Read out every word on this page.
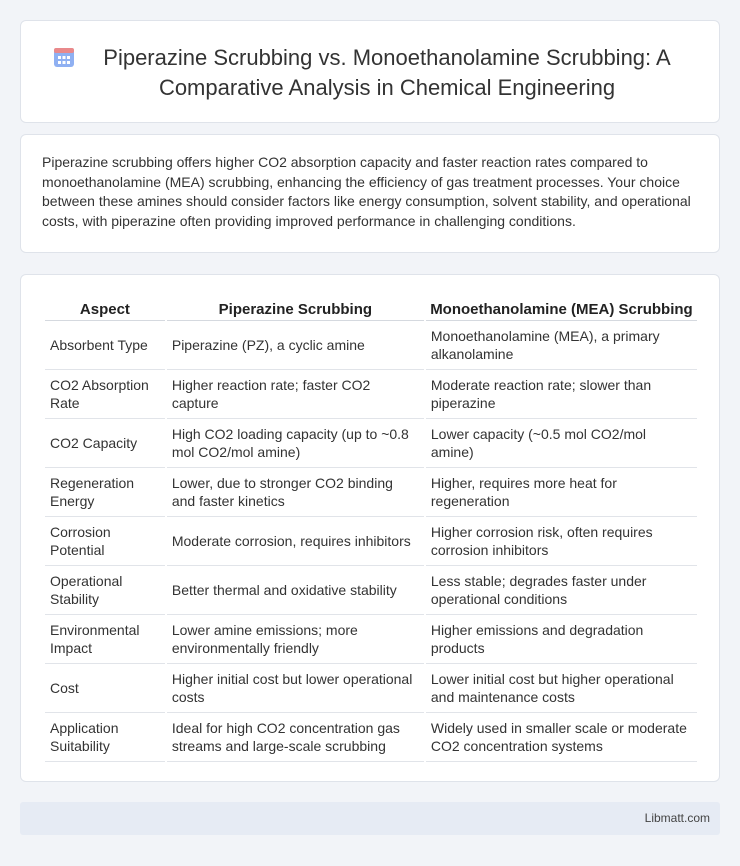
Piperazine Scrubbing vs. Monoethanolamine Scrubbing: A Comparative Analysis in Chemical Engineering

Piperazine scrubbing offers higher CO2 absorption capacity and faster reaction rates compared to monoethanolamine (MEA) scrubbing, enhancing the efficiency of gas treatment processes. Your choice between these amines should consider factors like energy consumption, solvent stability, and operational costs, with piperazine often providing improved performance in challenging conditions.

Aspect	Piperazine Scrubbing	Monoethanolamine (MEA) Scrubbing
Absorbent Type	Piperazine (PZ), a cyclic amine	Monoethanolamine (MEA), a primary alkanolamine
CO2 Absorption Rate	Higher reaction rate; faster CO2 capture	Moderate reaction rate; slower than piperazine
CO2 Capacity	High CO2 loading capacity (up to ~0.8 mol CO2/mol amine)	Lower capacity (~0.5 mol CO2/mol amine)
Regeneration Energy	Lower, due to stronger CO2 binding and faster kinetics	Higher, requires more heat for regeneration
Corrosion Potential	Moderate corrosion, requires inhibitors	Higher corrosion risk, often requires corrosion inhibitors
Operational Stability	Better thermal and oxidative stability	Less stable; degrades faster under operational conditions
Environmental Impact	Lower amine emissions; more environmentally friendly	Higher emissions and degradation products
Cost	Higher initial cost but lower operational costs	Lower initial cost but higher operational and maintenance costs
Application Suitability	Ideal for high CO2 concentration gas streams and large-scale scrubbing	Widely used in smaller scale or moderate CO2 concentration systems
Libmatt.com
